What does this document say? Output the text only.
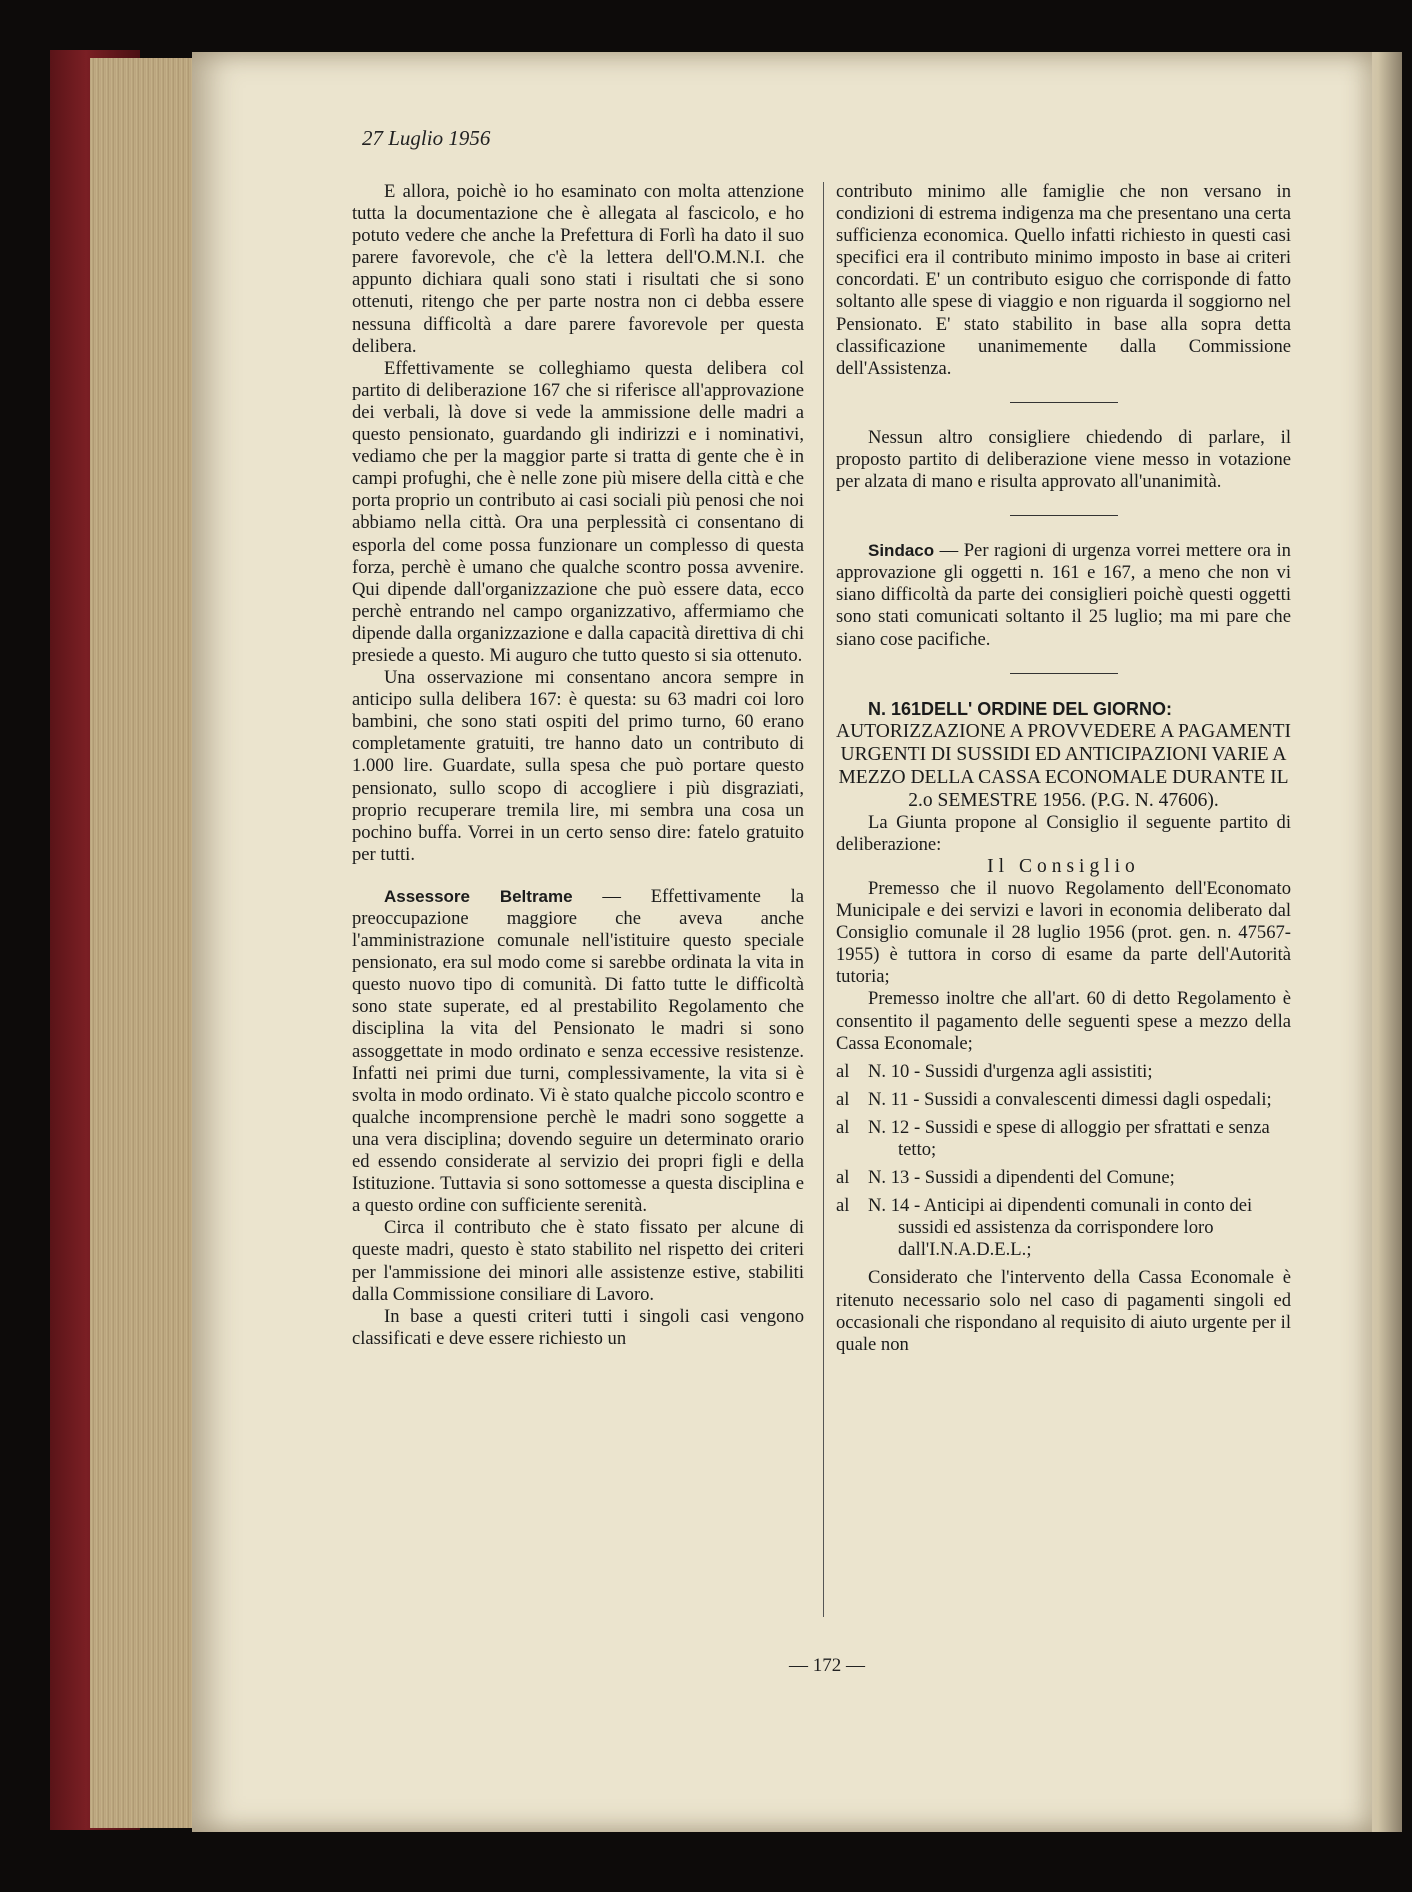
27 Luglio 1956

E allora, poichè io ho esaminato con molta attenzione tutta la documentazione che è allegata al fascicolo, e ho potuto vedere che anche la Prefettura di Forlì ha dato il suo parere favorevole, che c'è la lettera dell'O.M.N.I. che appunto dichiara quali sono stati i risultati che si sono ottenuti, ritengo che per parte nostra non ci debba essere nessuna difficoltà a dare parere favorevole per questa delibera.

Effettivamente se colleghiamo questa delibera col partito di deliberazione 167 che si riferisce all'approvazione dei verbali, là dove si vede la ammissione delle madri a questo pensionato, guardando gli indirizzi e i nominativi, vediamo che per la maggior parte si tratta di gente che è in campi profughi, che è nelle zone più misere della città e che porta proprio un contributo ai casi sociali più penosi che noi abbiamo nella città. Ora una perplessità ci consentano di esporla del come possa funzionare un complesso di questa forza, perchè è umano che qualche scontro possa avvenire. Qui dipende dall'organizzazione che può essere data, ecco perchè entrando nel campo organizzativo, affermiamo che dipende dalla organizzazione e dalla capacità direttiva di chi presiede a questo. Mi auguro che tutto questo si sia ottenuto.

Una osservazione mi consentano ancora sempre in anticipo sulla delibera 167: è questa: su 63 madri coi loro bambini, che sono stati ospiti del primo turno, 60 erano completamente gratuiti, tre hanno dato un contributo di 1.000 lire. Guardate, sulla spesa che può portare questo pensionato, sullo scopo di accogliere i più disgraziati, proprio recuperare tremila lire, mi sembra una cosa un pochino buffa. Vorrei in un certo senso dire: fatelo gratuito per tutti.

Assessore Beltrame — Effettivamente la preoccupazione maggiore che aveva anche l'amministrazione comunale nell'istituire questo speciale pensionato, era sul modo come si sarebbe ordinata la vita in questo nuovo tipo di comunità. Di fatto tutte le difficoltà sono state superate, ed al prestabilito Regolamento che disciplina la vita del Pensionato le madri si sono assoggettate in modo ordinato e senza eccessive resistenze. Infatti nei primi due turni, complessivamente, la vita si è svolta in modo ordinato. Vi è stato qualche piccolo scontro e qualche incomprensione perchè le madri sono soggette a una vera disciplina; dovendo seguire un determinato orario ed essendo considerate al servizio dei propri figli e della Istituzione. Tuttavia si sono sottomesse a questa disciplina e a questo ordine con sufficiente serenità.

Circa il contributo che è stato fissato per alcune di queste madri, questo è stato stabilito nel rispetto dei criteri per l'ammissione dei minori alle assistenze estive, stabiliti dalla Commissione consiliare di Lavoro.

In base a questi criteri tutti i singoli casi vengono classificati e deve essere richiesto un

contributo minimo alle famiglie che non versano in condizioni di estrema indigenza ma che presentano una certa sufficienza economica. Quello infatti richiesto in questi casi specifici era il contributo minimo imposto in base ai criteri concordati. E' un contributo esiguo che corrisponde di fatto soltanto alle spese di viaggio e non riguarda il soggiorno nel Pensionato. E' stato stabilito in base alla sopra detta classificazione unanimemente dalla Commissione dell'Assistenza.

Nessun altro consigliere chiedendo di parlare, il proposto partito di deliberazione viene messo in votazione per alzata di mano e risulta approvato all'unanimità.

Sindaco — Per ragioni di urgenza vorrei mettere ora in approvazione gli oggetti n. 161 e 167, a meno che non vi siano difficoltà da parte dei consiglieri poichè questi oggetti sono stati comunicati soltanto il 25 luglio; ma mi pare che siano cose pacifiche.

N. 161DELL' ORDINE DEL GIORNO:

AUTORIZZAZIONE A PROVVEDERE A PAGAMENTI URGENTI DI SUSSIDI ED ANTICIPAZIONI VARIE A MEZZO DELLA CASSA ECONOMALE DURANTE IL 2.o SEMESTRE 1956. (P.G. N. 47606).

La Giunta propone al Consiglio il seguente partito di deliberazione:

Il Consiglio

Premesso che il nuovo Regolamento dell'Economato Municipale e dei servizi e lavori in economia deliberato dal Consiglio comunale il 28 luglio 1956 (prot. gen. n. 47567-1955) è tuttora in corso di esame da parte dell'Autorità tutoria;

Premesso inoltre che all'art. 60 di detto Regolamento è consentito il pagamento delle seguenti spese a mezzo della Cassa Economale;

al N. 10 - Sussidi d'urgenza agli assistiti;
al N. 11 - Sussidi a convalescenti dimessi dagli ospedali;
al N. 12 - Sussidi e spese di alloggio per sfrattati e senza tetto;
al N. 13 - Sussidi a dipendenti del Comune;
al N. 14 - Anticipi ai dipendenti comunali in conto dei sussidi ed assistenza da corrispondere loro dall'I.N.A.D.E.L.;

Considerato che l'intervento della Cassa Economale è ritenuto necessario solo nel caso di pagamenti singoli ed occasionali che rispondano al requisito di aiuto urgente per il quale non

— 172 —
